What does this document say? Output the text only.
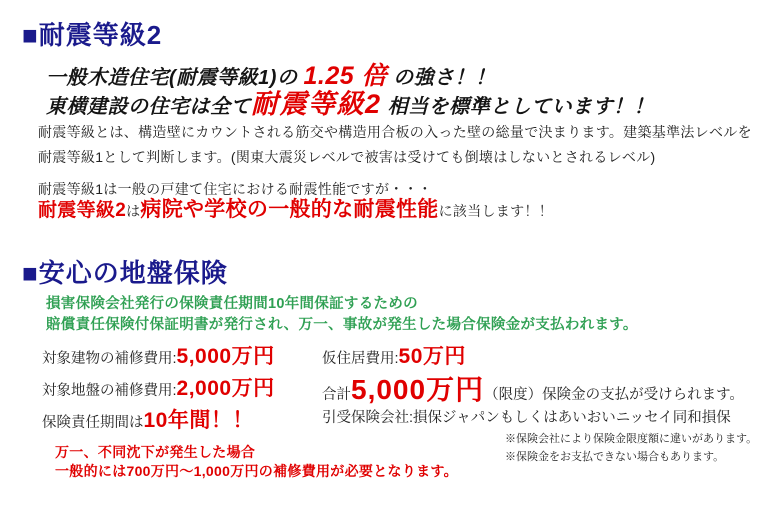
■耐震等級2
一般木造住宅(耐震等級1)の 1.25 倍 の強さ！！
東横建設の住宅は全て耐震等級2 相当を標準としています！！
耐震等級とは、構造壁にカウントされる筋交や構造用合板の入った壁の総量で決まります。建築基準法レベルを
耐震等級1として判断します。(関東大震災レベルで被害は受けても倒壊はしないとされるレベル)
耐震等級1は一般の戸建て住宅における耐震性能ですが・・・
耐震等級2は病院や学校の一般的な耐震性能に該当します！！
■安心の地盤保険
損害保険会社発行の保険責任期間10年間保証するための
賠償責任保険付保証明書が発行され、万一、事故が発生した場合保険金が支払われます。
対象建物の補修費用: 5,000万円
対象地盤の補修費用: 2,000万円
保険責任期間は 10年間！！
仮住居費用: 50万円
合計 5,000万円 （限度）保険金の支払が受けられます。
引受保険会社:損保ジャパンもしくはあいおいニッセイ同和損保
※保険会社により保険金限度額に違いがあります。
※保険金をお支払できない場合もあります。
万一、不同沈下が発生した場合
一般的には700万円～1,000万円の補修費用が必要となります。
